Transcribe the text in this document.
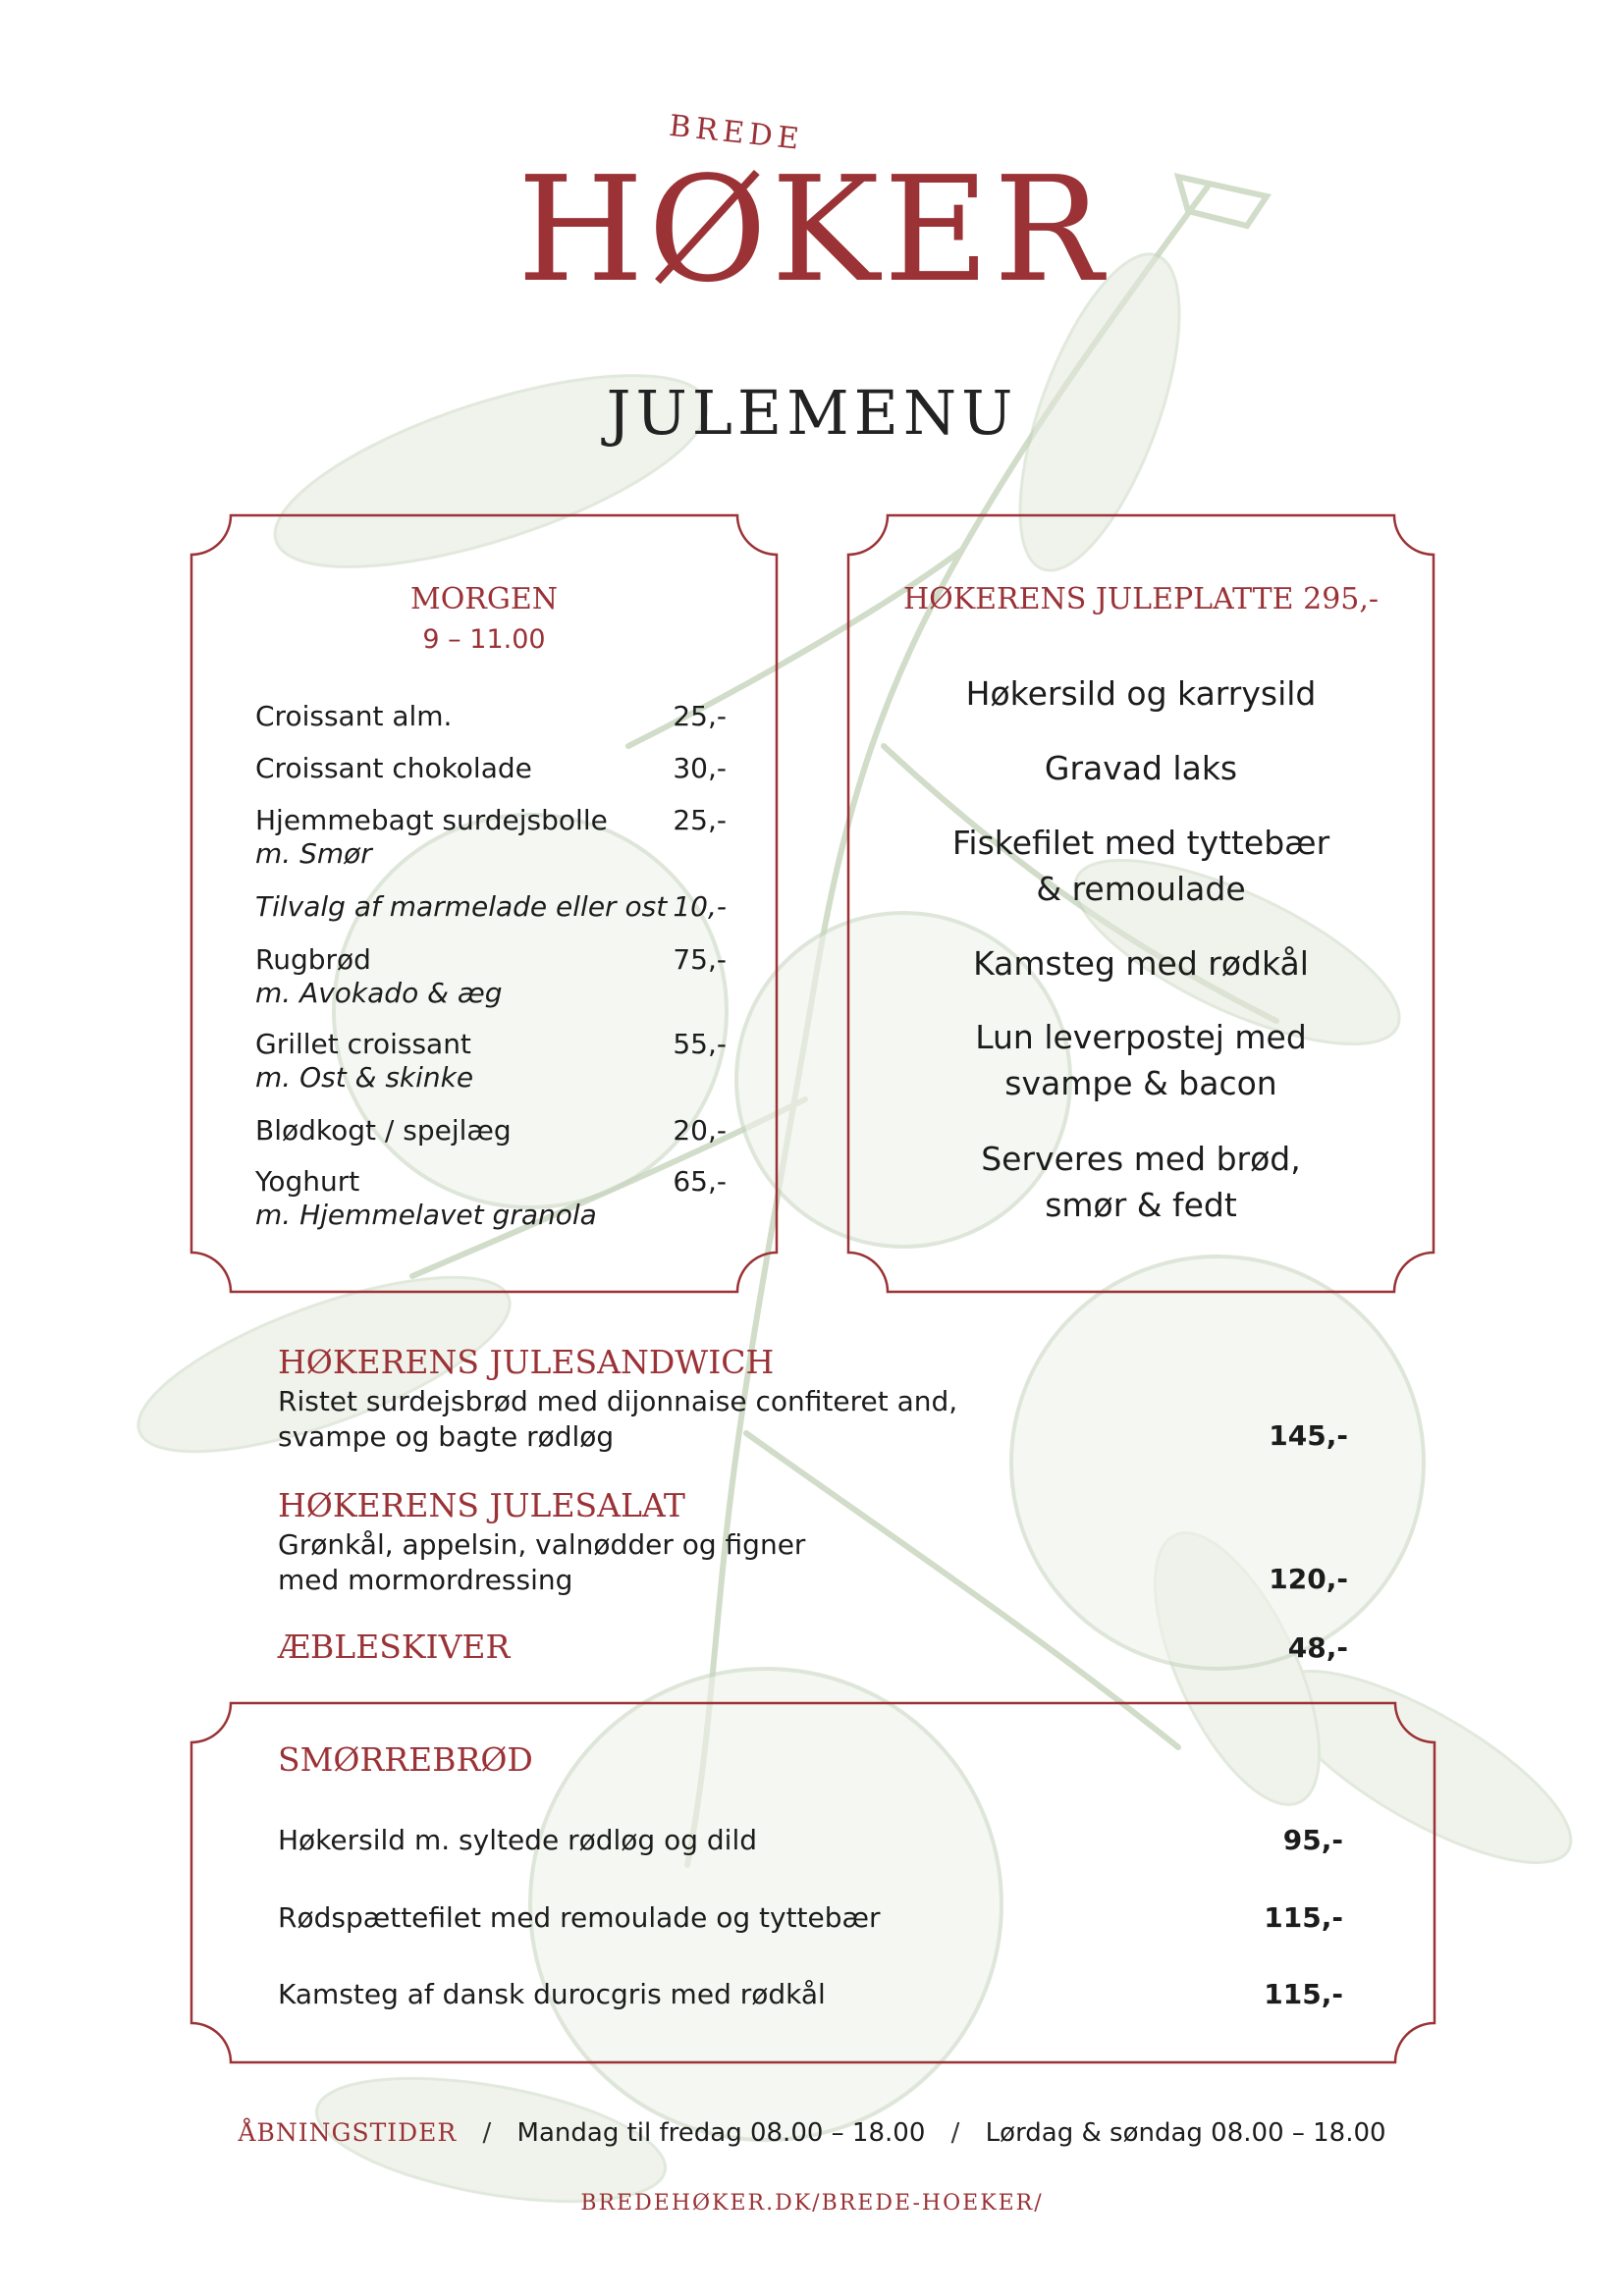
BREDE
HØKER
JULEMENU
MORGEN
9 – 11.00
Croissant alm.	25,-
Croissant chokolade	30,-
Hjemmebagt surdejsbolle 25,-
m. Smør
Tilvalg af marmelade eller ost 10,-
Rugbrød	75,-
m. Avokado & æg
Grillet croissant	55,-
m. Ost & skinke
Blødkogt / spejlæg	20,-
Yoghurt	65,-
m. Hjemmelavet granola
HØKERENS JULEPLATTE 295,-
Høkersild og karrysild
Gravad laks
Fiskefilet med tyttebær
& remoulade
Kamsteg med rødkål
Lun leverpostej med
svampe & bacon
Serveres med brød,
smør & fedt
HØKERENS JULESANDWICH
Ristet surdejsbrød med dijonnaise confiteret and,
svampe og bagte rødløg	145,-
HØKERENS JULESALAT
Grønkål, appelsin, valnødder og figner
med mormordressing	120,-
ÆBLESKIVER	48,-
SMØRREBRØD
Høkersild m. syltede rødløg og dild	95,-
Rødspættefilet med remoulade og tyttebær	115,-
Kamsteg af dansk durocgris med rødkål	115,-
ÅBNINGSTIDER / Mandag til fredag 08.00 – 18.00 / Lørdag & søndag 08.00 – 18.00
BREDEHØKER.DK/BREDE-HOEKER/
